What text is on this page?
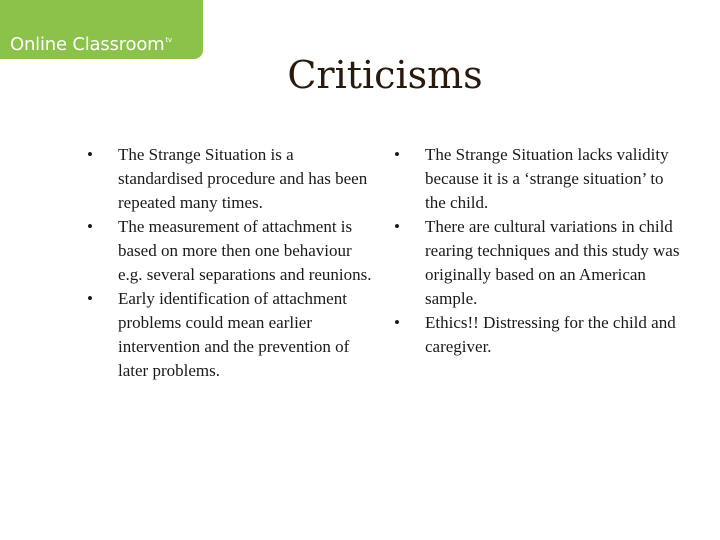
Online Classroom$^{tv}$
Criticisms
•	The Strange Situation is a standardised procedure and has been repeated many times.
•	The measurement of attachment is based on more then one behaviour e.g. several separations and reunions.
•	Early identification of attachment problems could mean earlier intervention and the prevention of later problems.
•	The Strange Situation lacks validity because it is a ‘strange situation’ to the child.
•	There are cultural variations in child rearing techniques and this study was originally based on an American sample.
•	Ethics!! Distressing for the child and caregiver.
